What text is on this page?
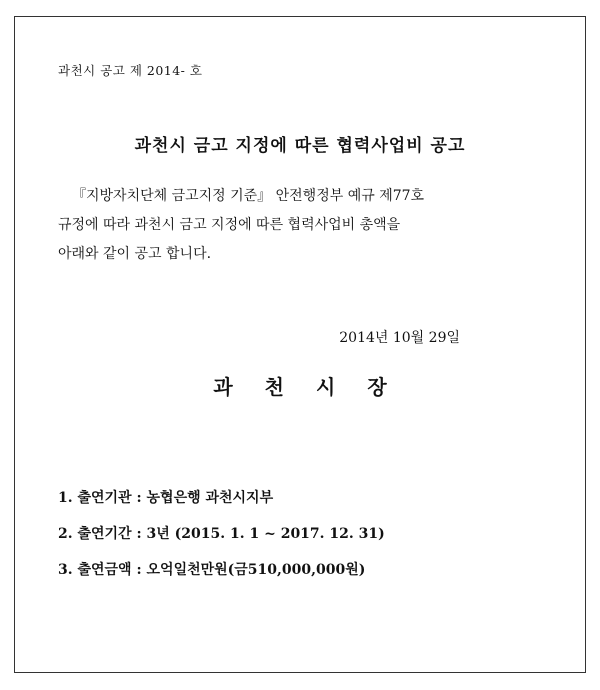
과천시 공고 제 2014- 호
과천시 금고 지정에 따른 협력사업비 공고
『지방자치단체 금고지정 기준』 안전행정부 예규 제77호
규정에 따라 과천시 금고 지정에 따른 협력사업비 총액을
아래와 같이 공고 합니다.
2014년 10월 29일
과천시장
1. 출연기관 : 농협은행 과천시지부
2. 출연기간 : 3년 (2015. 1. 1 ~ 2017. 12. 31)
3. 출연금액 : 오억일천만원(금510,000,000원)
